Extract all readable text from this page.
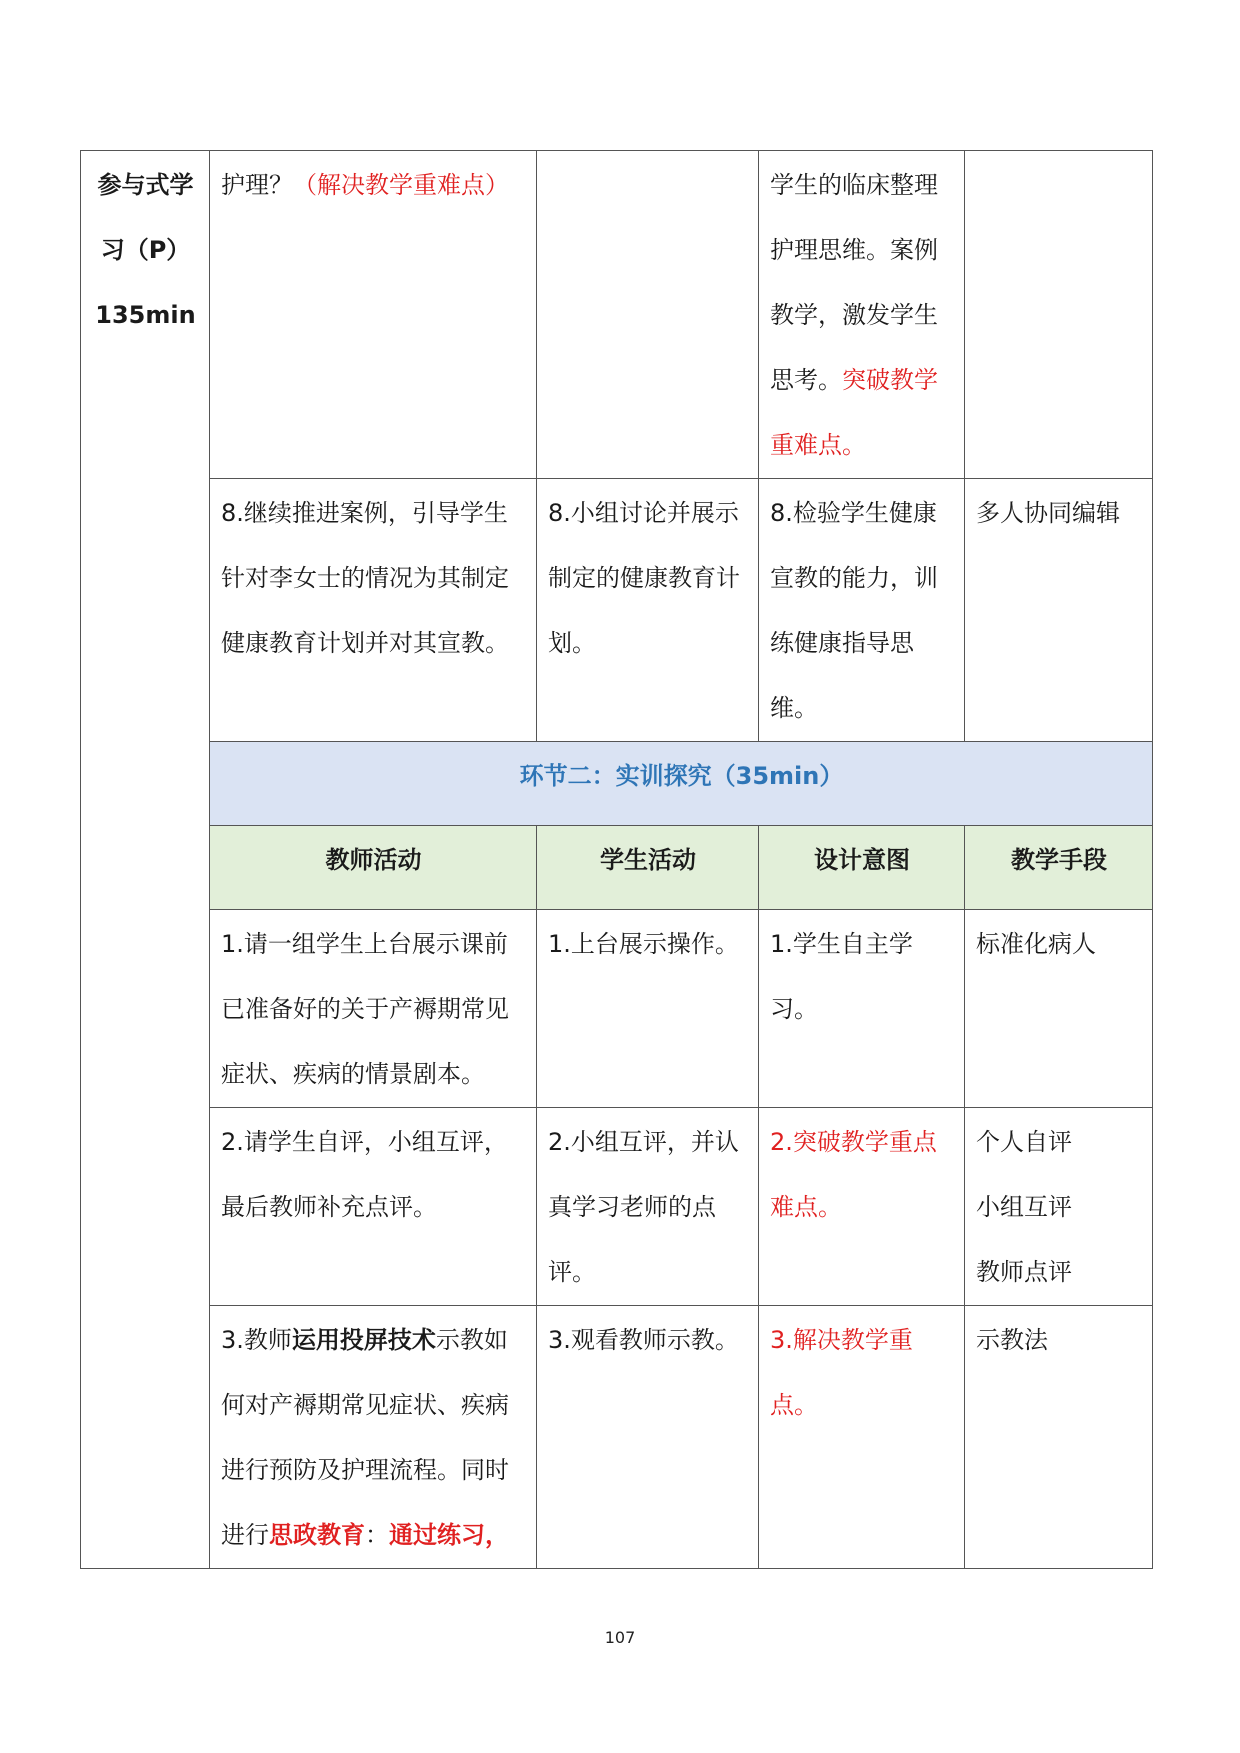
参与式学
习（P）
135min	护理？（解决教学重难点）		学生的临床整理护理思维。案例教学，激发学生思考。突破教学重难点。	
	8.继续推进案例，引导学生针对李女士的情况为其制定健康教育计划并对其宣教。	8.小组讨论并展示制定的健康教育计划。	8.检验学生健康宣教的能力，训练健康指导思维。	多人协同编辑
	环节二：实训探究（35min）			
	教师活动	学生活动	设计意图	教学手段
	1.请一组学生上台展示课前已准备好的关于产褥期常见症状、疾病的情景剧本。	1.上台展示操作。	1.学生自主学习。	标准化病人
	2.请学生自评，小组互评，最后教师补充点评。	2.小组互评，并认真学习老师的点评。	2.突破教学重点难点。	个人自评
小组互评
教师点评

	3.教师运用投屏技术示教如何对产褥期常见症状、疾病进行预防及护理流程。同时进行思政教育：通过练习，	3.观看教师示教。	3.解决教学重点。	示教法
107
